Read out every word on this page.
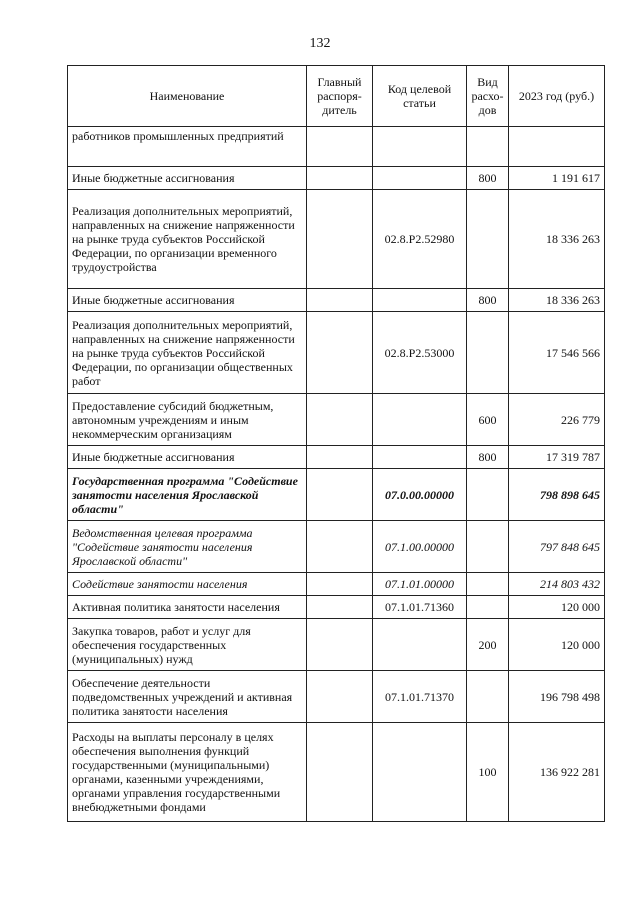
132
Наименование	Главный распоря-дитель	Код целевой статьи	Вид расхо-дов	2023 год (руб.)
работников промышленных предприятий				
Иные бюджетные ассигнования			800	1 191 617
Реализация дополнительных мероприятий, направленных на снижение напряженности на рынке труда субъектов Российской Федерации, по организации временного трудоустройства		02.8.P2.52980		18 336 263
Иные бюджетные ассигнования			800	18 336 263
Реализация дополнительных мероприятий, направленных на снижение напряженности на рынке труда субъектов Российской Федерации, по организации общественных работ		02.8.P2.53000		17 546 566
Предоставление субсидий бюджетным, автономным учреждениям и иным некоммерческим организациям			600	226 779
Иные бюджетные ассигнования			800	17 319 787
Государственная программа "Содействие занятости населения Ярославской области"		07.0.00.00000		798 898 645
Ведомственная целевая программа "Содействие занятости населения Ярославской области"		07.1.00.00000		797 848 645
Содействие занятости населения		07.1.01.00000		214 803 432
Активная политика занятости населения		07.1.01.71360		120 000
Закупка товаров, работ и услуг для обеспечения государственных (муниципальных) нужд			200	120 000
Обеспечение деятельности подведомственных учреждений и активная политика занятости населения		07.1.01.71370		196 798 498
Расходы на выплаты персоналу в целях обеспечения выполнения функций государственными (муниципальными) органами, казенными учреждениями, органами управления государственными внебюджетными фондами			100	136 922 281
